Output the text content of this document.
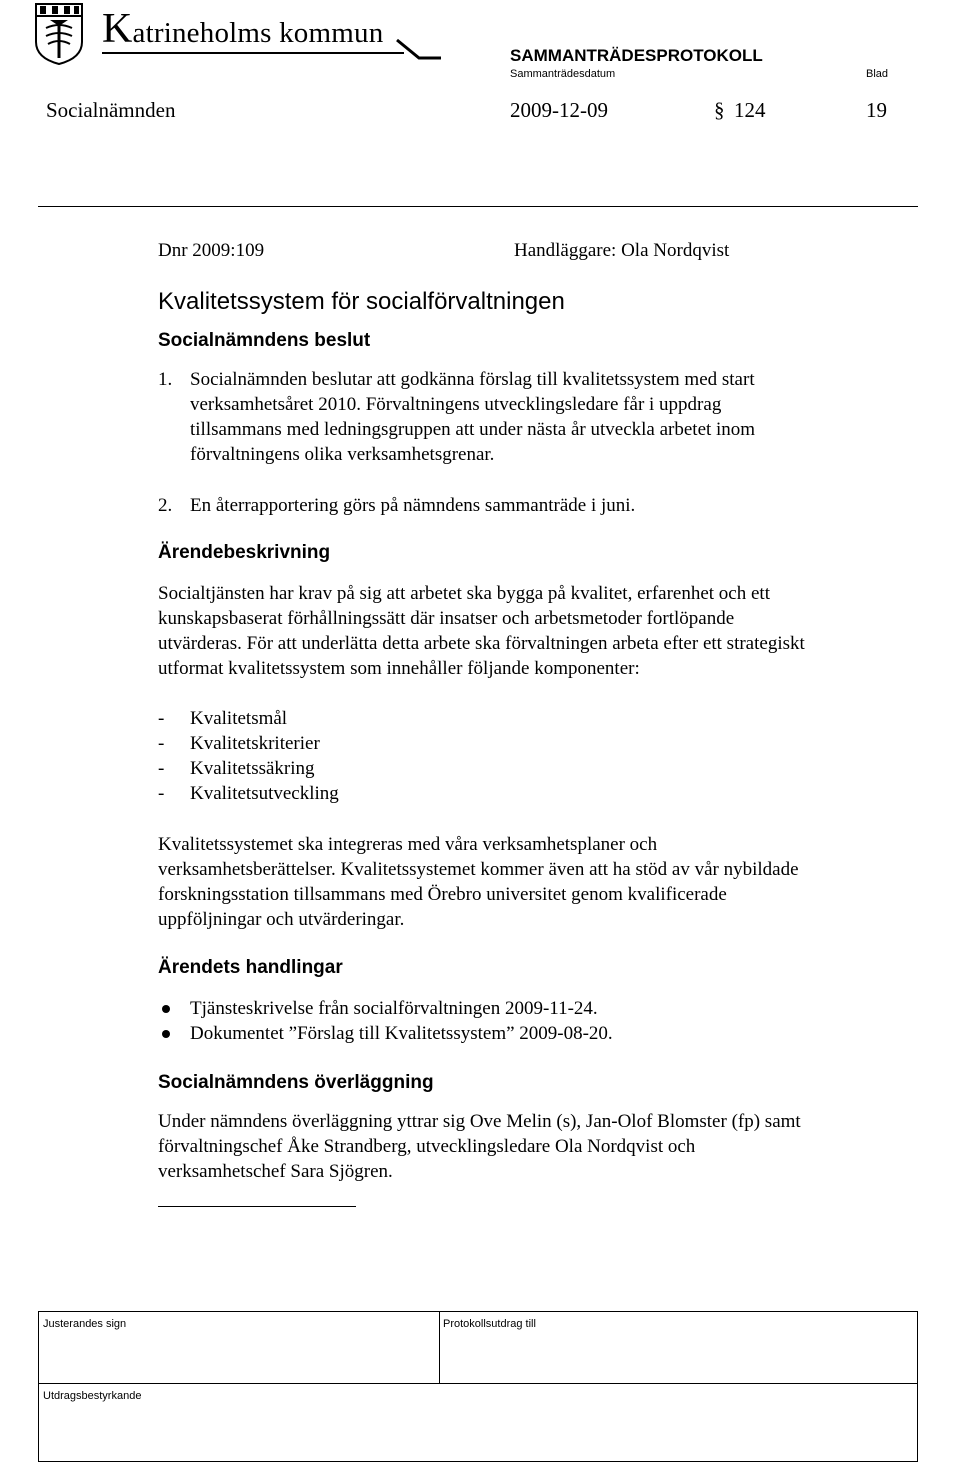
Katrineholms kommun
SAMMANTRÄDESPROTOKOLL
Sammanträdesdatum	Blad
Socialnämnden	2009-12-09	§ 124	19
Dnr 2009:109	Handläggare: Ola Nordqvist
Kvalitetssystem för socialförvaltningen
Socialnämndens beslut
1. Socialnämnden beslutar att godkänna förslag till kvalitetssystem med start
verksamhetsåret 2010. Förvaltningens utvecklingsledare får i uppdrag
tillsammans med ledningsgruppen att under nästa år utveckla arbetet inom
förvaltningens olika verksamhetsgrenar.
2. En återrapportering görs på nämndens sammanträde i juni.
Ärendebeskrivning
Socialtjänsten har krav på sig att arbetet ska bygga på kvalitet, erfarenhet och ett
kunskapsbaserat förhållningssätt där insatser och arbetsmetoder fortlöpande
utvärderas. För att underlätta detta arbete ska förvaltningen arbeta efter ett strategiskt
utformat kvalitetssystem som innehåller följande komponenter:
- Kvalitetsmål
- Kvalitetskriterier
- Kvalitetssäkring
- Kvalitetsutveckling
Kvalitetssystemet ska integreras med våra verksamhetsplaner och
verksamhetsberättelser. Kvalitetssystemet kommer även att ha stöd av vår nybildade
forskningsstation tillsammans med Örebro universitet genom kvalificerade
uppföljningar och utvärderingar.
Ärendets handlingar
Tjänsteskrivelse från socialförvaltningen 2009-11-24.
Dokumentet ”Förslag till Kvalitetssystem” 2009-08-20.
Socialnämndens överläggning
Under nämndens överläggning yttrar sig Ove Melin (s), Jan-Olof Blomster (fp) samt
förvaltningschef Åke Strandberg, utvecklingsledare Ola Nordqvist och
verksamhetschef Sara Sjögren.
Justerandes sign	Protokollsutdrag till
Utdragsbestyrkande
